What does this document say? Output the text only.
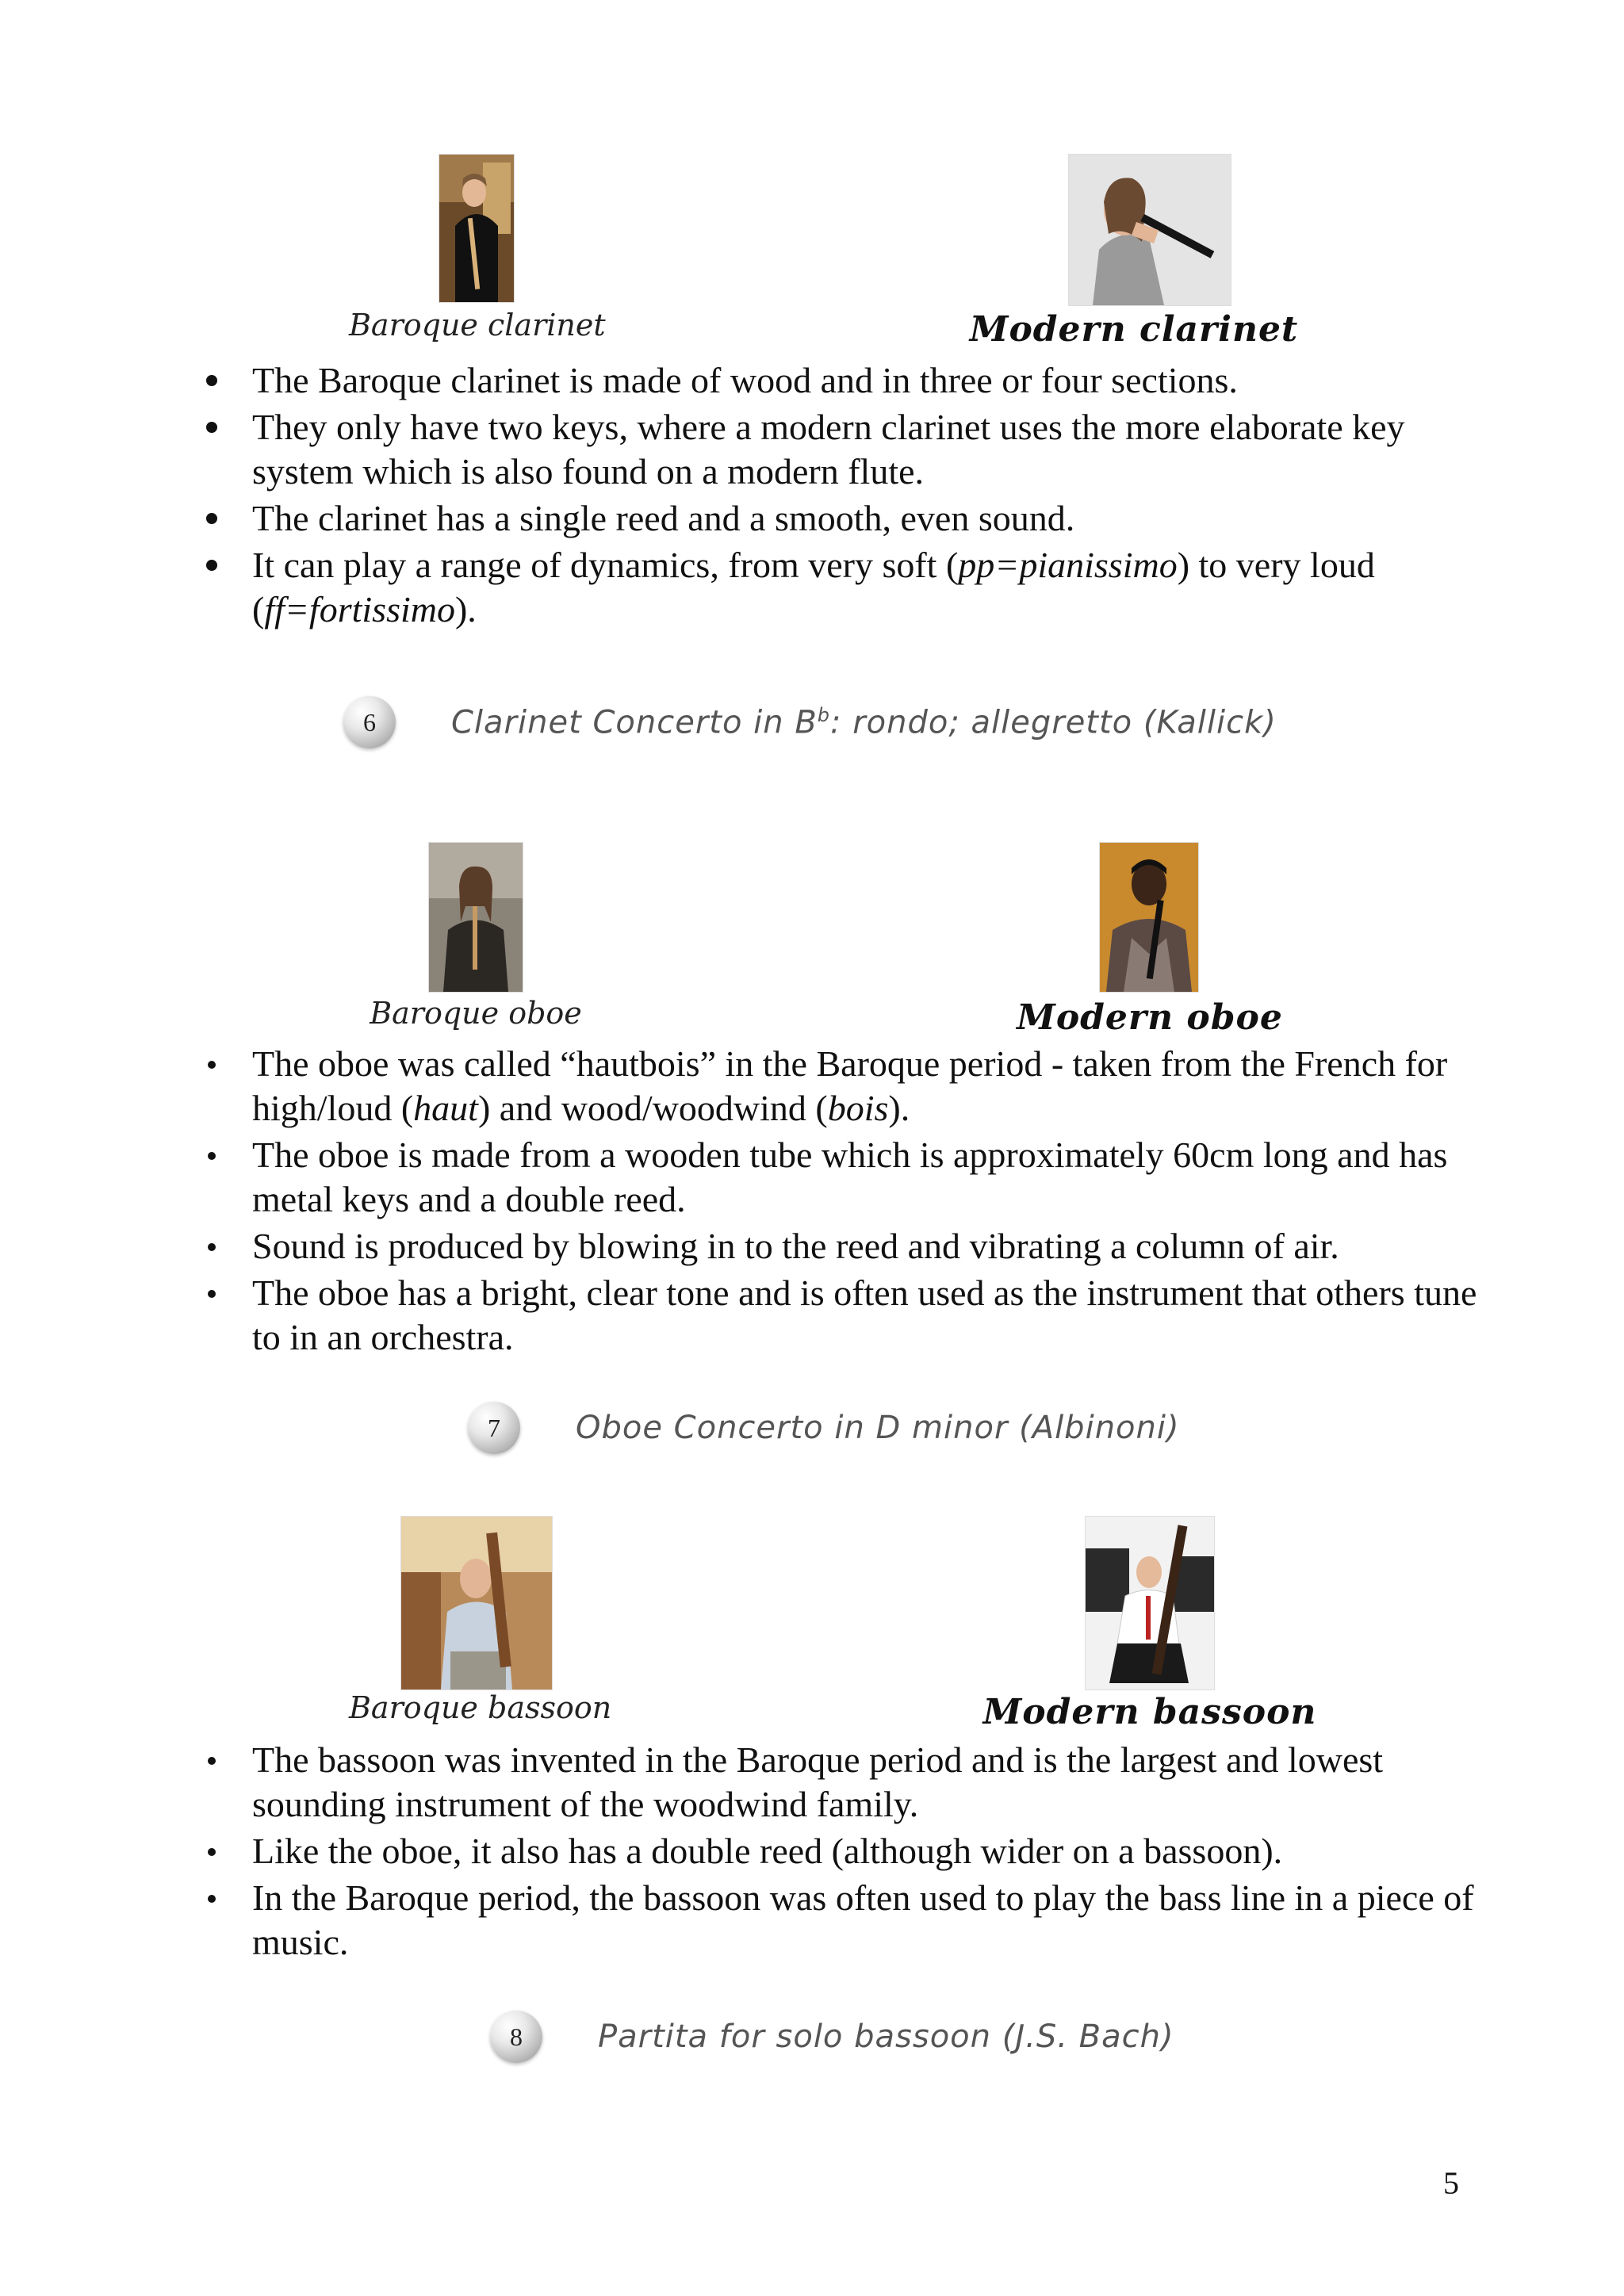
Baroque clarinet	Modern clarinet
The Baroque clarinet is made of wood and in three or four sections.
They only have two keys, where a modern clarinet uses the more elaborate key system which is also found on a modern flute.
The clarinet has a single reed and a smooth, even sound.
It can play a range of dynamics, from very soft (pp=pianissimo) to very loud (ff=fortissimo).
6 Clarinet Concerto in $B^b$: rondo; allegretto (Kallick)
Baroque oboe	Modern oboe
The oboe was called “hautbois” in the Baroque period - taken from the French for high/loud (haut) and wood/woodwind (bois).
The oboe is made from a wooden tube which is approximately 60cm long and has metal keys and a double reed.
Sound is produced by blowing in to the reed and vibrating a column of air.
The oboe has a bright, clear tone and is often used as the instrument that others tune to in an orchestra.
7 Oboe Concerto in D minor (Albinoni)
Baroque bassoon	Modern bassoon
The bassoon was invented in the Baroque period and is the largest and lowest sounding instrument of the woodwind family.
Like the oboe, it also has a double reed (although wider on a bassoon).
In the Baroque period, the bassoon was often used to play the bass line in a piece of music.
8 Partita for solo bassoon (J.S. Bach)
5
